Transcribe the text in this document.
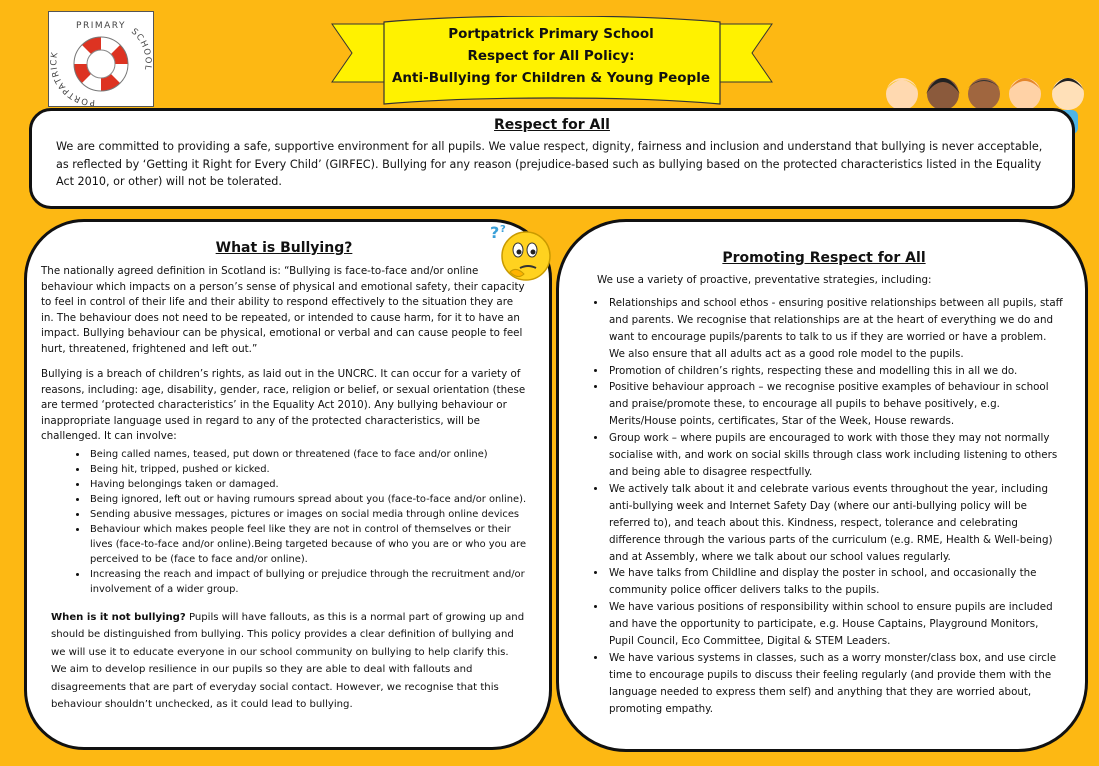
PORTPATRICK
SCHOOL
PRIMARY	Portpatrick Primary School
Respect for All Policy:
Anti-Bullying for Children & Young People
Respect for All

We are committed to providing a safe, supportive environment for all pupils. We value respect, dignity, fairness and inclusion and understand that bullying is never acceptable, as reflected by ‘Getting it Right for Every Child’ (GIRFEC). Bullying for any reason (prejudice-based such as bullying based on the protected characteristics listed in the Equality Act 2010, or other) will not be tolerated.

What is Bullying?

The nationally agreed definition in Scotland is: “Bullying is face-to-face and/or online behaviour which impacts on a person’s sense of physical and emotional safety, their capacity to feel in control of their life and their ability to respond effectively to the situation they are in. The behaviour does not need to be repeated, or intended to cause harm, for it to have an impact. Bullying behaviour can be physical, emotional or verbal and can cause people to feel hurt, threatened, frightened and left out.”

Bullying is a breach of children’s rights, as laid out in the UNCRC. It can occur for a variety of reasons, including: age, disability, gender, race, religion or belief, or sexual orientation (these are termed ‘protected characteristics’ in the Equality Act 2010). Any bullying behaviour or inappropriate language used in regard to any of the protected characteristics, will be challenged. It can involve:

• Being called names, teased, put down or threatened (face to face and/or online)
• Being hit, tripped, pushed or kicked.
• Having belongings taken or damaged.
• Being ignored, left out or having rumours spread about you (face-to-face and/or online).
• Sending abusive messages, pictures or images on social media through online devices
• Behaviour which makes people feel like they are not in control of themselves or their lives (face-to-face and/or online).Being targeted because of who you are or who you are perceived to be (face to face and/or online).
• Increasing the reach and impact of bullying or prejudice through the recruitment and/or involvement of a wider group.
When is it not bullying? Pupils will have fallouts, as this is a normal part of growing up and should be distinguished from bullying. This policy provides a clear definition of bullying and we will use it to educate everyone in our school community on bullying to help clarify this. We aim to develop resilience in our pupils so they are able to deal with fallouts and disagreements that are part of everyday social contact. However, we recognise that this behaviour shouldn’t unchecked, as it could lead to bullying.
? ?
Promoting Respect for All

We use a variety of proactive, preventative strategies, including:

• Relationships and school ethos - ensuring positive relationships between all pupils, staff and parents. We recognise that relationships are at the heart of everything we do and want to encourage pupils/parents to talk to us if they are worried or have a problem. We also ensure that all adults act as a good role model to the pupils.
• Promotion of children’s rights, respecting these and modelling this in all we do.
• Positive behaviour approach – we recognise positive examples of behaviour in school and praise/promote these, to encourage all pupils to behave positively, e.g. Merits/House points, certificates, Star of the Week, House rewards.
• Group work – where pupils are encouraged to work with those they may not normally socialise with, and work on social skills through class work including listening to others and being able to disagree respectfully.
• We actively talk about it and celebrate various events throughout the year, including anti-bullying week and Internet Safety Day (where our anti-bullying policy will be referred to), and teach about this. Kindness, respect, tolerance and celebrating difference through the various parts of the curriculum (e.g. RME, Health & Well-being) and at Assembly, where we talk about our school values regularly.
• We have talks from Childline and display the poster in school, and occasionally the community police officer delivers talks to the pupils.
• We have various positions of responsibility within school to ensure pupils are included and have the opportunity to participate, e.g. House Captains, Playground Monitors, Pupil Council, Eco Committee, Digital & STEM Leaders.
• We have various systems in classes, such as a worry monster/class box, and use circle time to encourage pupils to discuss their feeling regularly (and provide them with the language needed to express them self) and anything that they are worried about, promoting empathy.
